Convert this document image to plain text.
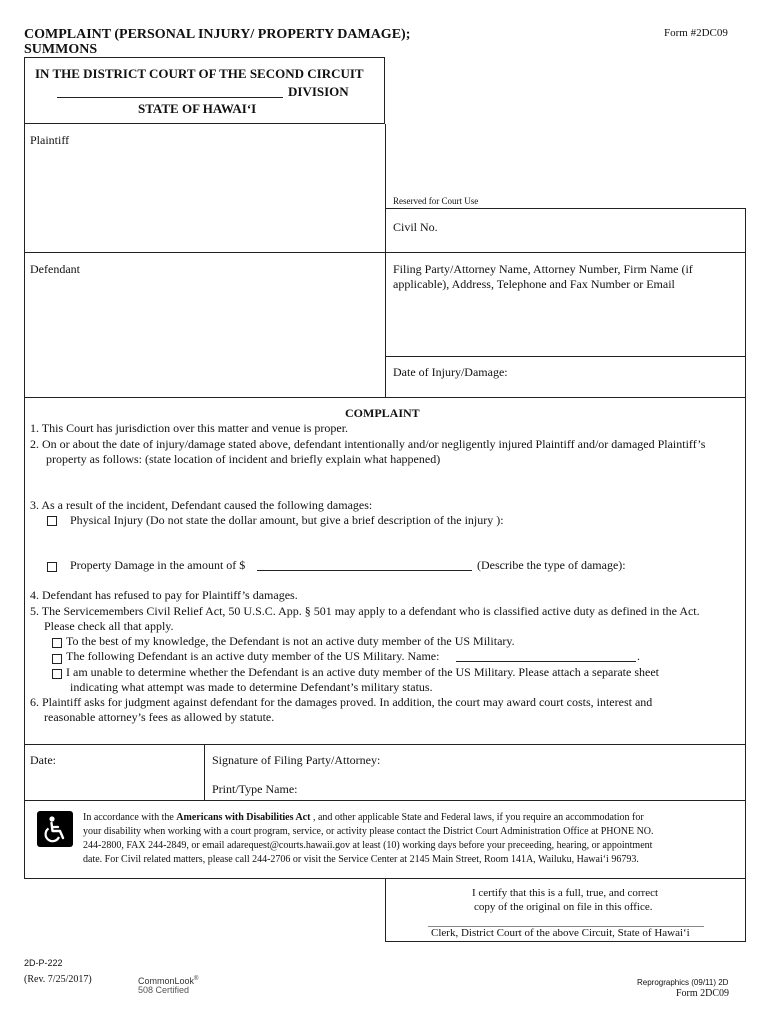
COMPLAINT (PERSONAL INJURY/ PROPERTY DAMAGE);
SUMMONS
Form #2DC09
IN THE DISTRICT COURT OF THE SECOND CIRCUIT
DIVISION
STATE OF HAWAI‘I
Plaintiff
Reserved for Court Use
Civil No.
Defendant	Filing Party/Attorney Name, Attorney Number, Firm Name (if
applicable), Address, Telephone and Fax Number or Email
Date of Injury/Damage:
COMPLAINT
1. This Court has jurisdiction over this matter and venue is proper.
2. On or about the date of injury/damage stated above, defendant intentionally and/or negligently injured Plaintiff and/or damaged Plaintiff’s
property as follows: (state location of incident and briefly explain what happened)
3. As a result of the incident, Defendant caused the following damages:
Physical Injury (Do not state the dollar amount, but give a brief description of the injury ):
Property Damage in the amount of $	(Describe the type of damage):
4. Defendant has refused to pay for Plaintiff’s damages.
5. The Servicemembers Civil Relief Act, 50 U.S.C. App. § 501 may apply to a defendant who is classified active duty as defined in the Act.
Please check all that apply.
To the best of my knowledge, the Defendant is not an active duty member of the US Military.
The following Defendant is an active duty member of the US Military. Name:	.
I am unable to determine whether the Defendant is an active duty member of the US Military. Please attach a separate sheet
indicating what attempt was made to determine Defendant’s military status.
6. Plaintiff asks for judgment against defendant for the damages proved. In addition, the court may award court costs, interest and
reasonable attorney’s fees as allowed by statute.
Date:	Signature of Filing Party/Attorney:
Print/Type Name:
In accordance with the Americans with Disabilities Act , and other applicable State and Federal laws, if you require an accommodation for
your disability when working with a court program, service, or activity please contact the District Court Administration Office at PHONE NO.
244-2800, FAX 244-2849, or email adarequest@courts.hawaii.gov at least (10) working days before your preceeding, hearing, or appointment
date. For Civil related matters, please call 244-2706 or visit the Service Center at 2145 Main Street, Room 141A, Wailuku, Hawai‘i 96793.
I certify that this is a full, true, and correct
copy of the original on file in this office.
Clerk, District Court of the above Circuit, State of Hawai‘i
2D-P-222
(Rev. 7/25/2017)	CommonLook®
508 Certified
Reprographics (09/11) 2D
Form 2DC09
